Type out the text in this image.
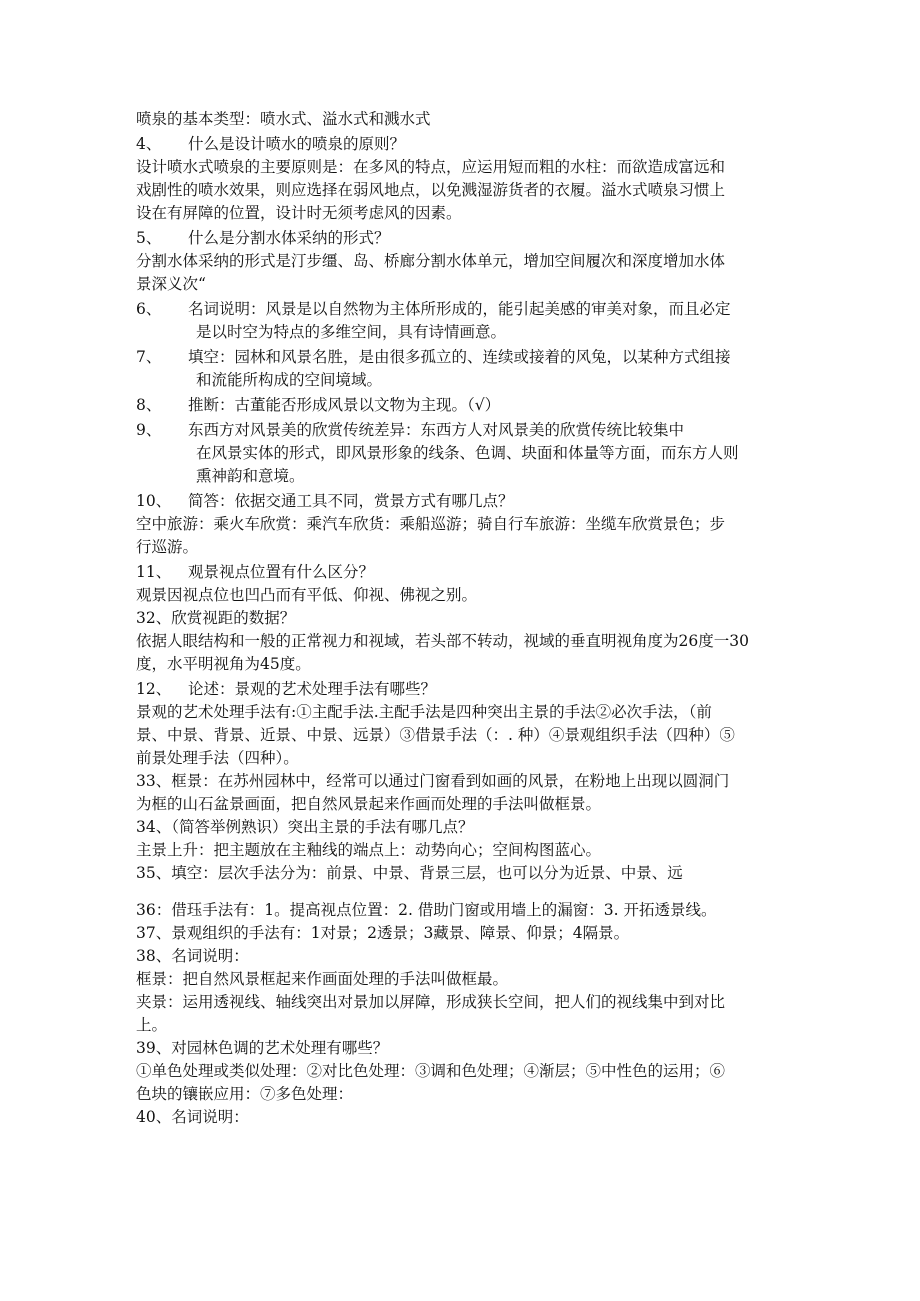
喷泉的基本类型：喷水式、溢水式和溅水式
4、	什么是设计喷水的喷泉的原则？
设计喷水式喷泉的主要原则是：在多风的特点，应运用短而粗的水柱：而欲造成富远和
戏剧性的喷水效果，则应选择在弱风地点，以免溅湿游货者的衣履。溢水式喷泉习惯上
设在有屏障的位置，设计时无须考虑风的因素。
5、	什么是分割水体采纳的形式？
分割水体采纳的形式是汀步缰、岛、桥廊分割水体单元，增加空间履次和深度增加水体
景深义次“
6、	名词说明：风景是以自然物为主体所形成的，能引起美感的审美对象，而且必定
是以时空为特点的多维空间，具有诗情画意。
7、	填空：园林和风景名胜，是由很多孤立的、连续或接着的风兔，以某种方式组接
和流能所构成的空间境域。
8、	推断：古董能否形成风景以文物为主现。（√）
9、	东西方对风景美的欣赏传统差异：东西方人对风景美的欣赏传统比较集中
在风景实体的形式，即风景形象的线条、色调、块面和体量等方面，而东方人则
熏神韵和意境。
10、	简答：依据交通工具不同，赏景方式有哪几点？
空中旅游：乘火车欣赏：乘汽车欣货：乘船巡游；骑自行车旅游：坐缆车欣赏景色；步
行巡游。
11、	观景视点位置有什么区分？
观景因视点位也凹凸而有平低、仰视、佛视之别。
32、欣赏视距的数据？
依据人眼结构和一般的正常视力和视域，若头部不转动，视域的垂直明视角度为26度一30
度，水平明视角为45度。
12、	论述：景观的艺术处理手法有哪些？
景观的艺术处理手法有:①主配手法.主配手法是四种突出主景的手法②必次手法，（前
景、中景、背景、近景、中景、远景）③借景手法（：. 种）④景观组织手法（四种）⑤
前景处理手法（四种）。
33、框景：在苏州园林中，经常可以通过门窗看到如画的风景，在粉地上出现以圆洞门
为框的山石盆景画面，把自然风景起来作画而处理的手法叫做框景。
34、（简答举例熟识）突出主景的手法有哪几点？
主景上升：把主题放在主釉线的端点上：动势向心；空间构图蓝心。
35、填空：层次手法分为：前景、中景、背景三层，也可以分为近景、中景、远
36：借珏手法有：1。提高视点位置：2. 借助门窗或用墙上的漏窗：3. 开拓透景线。
37、景观组织的手法有：1对景；2透景；3藏景、障景、仰景；4隔景。
38、名词说明：
框景：把自然风景框起来作画面处理的手法叫做框最。
夹景：运用透视线、轴线突出对景加以屏障，形成狭长空间，把人们的视线集中到对比
上。
39、对园林色调的艺术处理有哪些？
①单色处理或类似处理：②对比色处理：③调和色处理；④渐层；⑤中性色的运用；⑥
色块的镶嵌应用：⑦多色处理：
40、名词说明：
